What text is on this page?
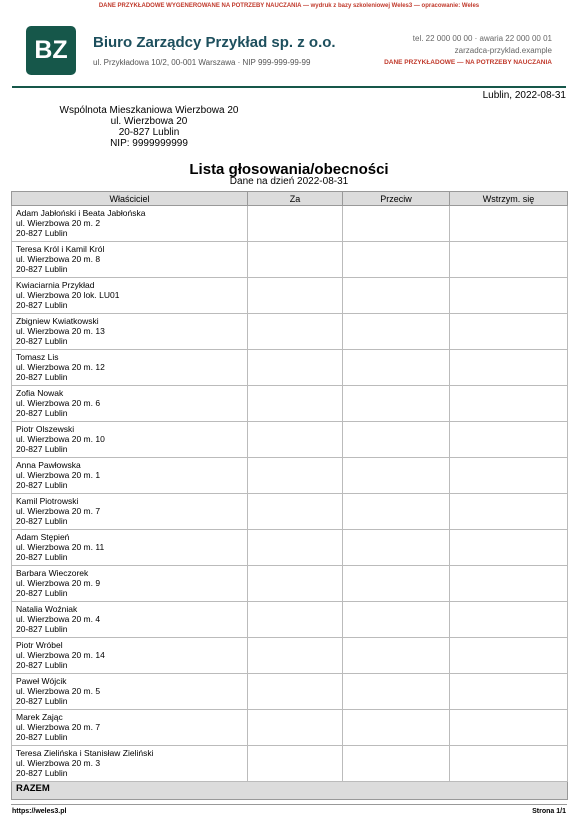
DANE PRZYKŁADOWE WYGENEROWANE NA POTRZEBY NAUCZANIA — wydruk z bazy szkoleniowej Weles3 — opracowanie: Weles
BZ	Biuro Zarządcy Przykład sp. z o.o.
ul. Przykładowa 10/2, 00-001 Warszawa · NIP 999-999-99-99
tel. 22 000 00 00 · awaria 22 000 00 01
zarzadca-przyklad.example
DANE PRZYKŁADOWE — NA POTRZEBY NAUCZANIA
Lublin, 2022-08-31
Wspólnota Mieszkaniowa Wierzbowa 20
ul. Wierzbowa 20
20-827 Lublin
NIP: 9999999999
Lista głosowania/obecności
Dane na dzień 2022-08-31
Właściciel	Za	Przeciw	Wstrzym. się

Adam Jabłoński i Beata Jabłońska
ul. Wierzbowa 20 m. 2
20-827 Lublin			

Teresa Król i Kamil Król
ul. Wierzbowa 20 m. 8
20-827 Lublin			

Kwiaciarnia Przykład
ul. Wierzbowa 20 lok. LU01
20-827 Lublin			

Zbigniew Kwiatkowski
ul. Wierzbowa 20 m. 13
20-827 Lublin			

Tomasz Lis
ul. Wierzbowa 20 m. 12
20-827 Lublin			

Zofia Nowak
ul. Wierzbowa 20 m. 6
20-827 Lublin			

Piotr Olszewski
ul. Wierzbowa 20 m. 10
20-827 Lublin			

Anna Pawłowska
ul. Wierzbowa 20 m. 1
20-827 Lublin			

Kamil Piotrowski
ul. Wierzbowa 20 m. 7
20-827 Lublin			

Adam Stępień
ul. Wierzbowa 20 m. 11
20-827 Lublin			

Barbara Wieczorek
ul. Wierzbowa 20 m. 9
20-827 Lublin			

Natalia Woźniak
ul. Wierzbowa 20 m. 4
20-827 Lublin			

Piotr Wróbel
ul. Wierzbowa 20 m. 14
20-827 Lublin			

Paweł Wójcik
ul. Wierzbowa 20 m. 5
20-827 Lublin			

Marek Zając
ul. Wierzbowa 20 m. 7
20-827 Lublin			

Teresa Zielińska i Stanisław Zieliński
ul. Wierzbowa 20 m. 3
20-827 Lublin			

RAZEM			
https://weles3.pl	Strona 1/1
